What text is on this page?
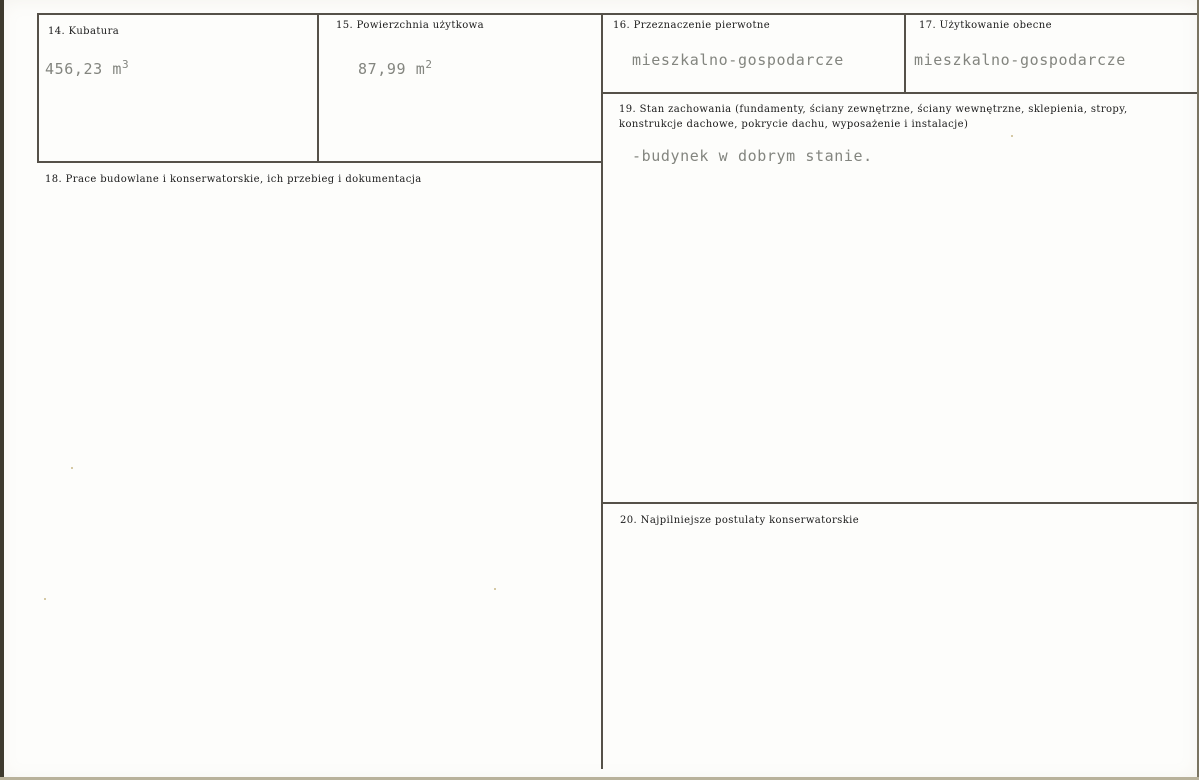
14. Kubatura
456,23 $m^3$
15. Powierzchnia użytkowa
87,99 $m^2$
16. Przeznaczenie pierwotne
mieszkalno-gospodarcze
17. Użytkowanie obecne
mieszkalno-gospodarcze
18. Prace budowlane i konserwatorskie, ich przebieg i dokumentacja
19. Stan zachowania (fundamenty, ściany zewnętrzne, ściany wewnętrzne, sklepienia, stropy, konstrukcje dachowe, pokrycie dachu, wyposażenie i instalacje)
-budynek w dobrym stanie.
20. Najpilniejsze postulaty konserwatorskie
